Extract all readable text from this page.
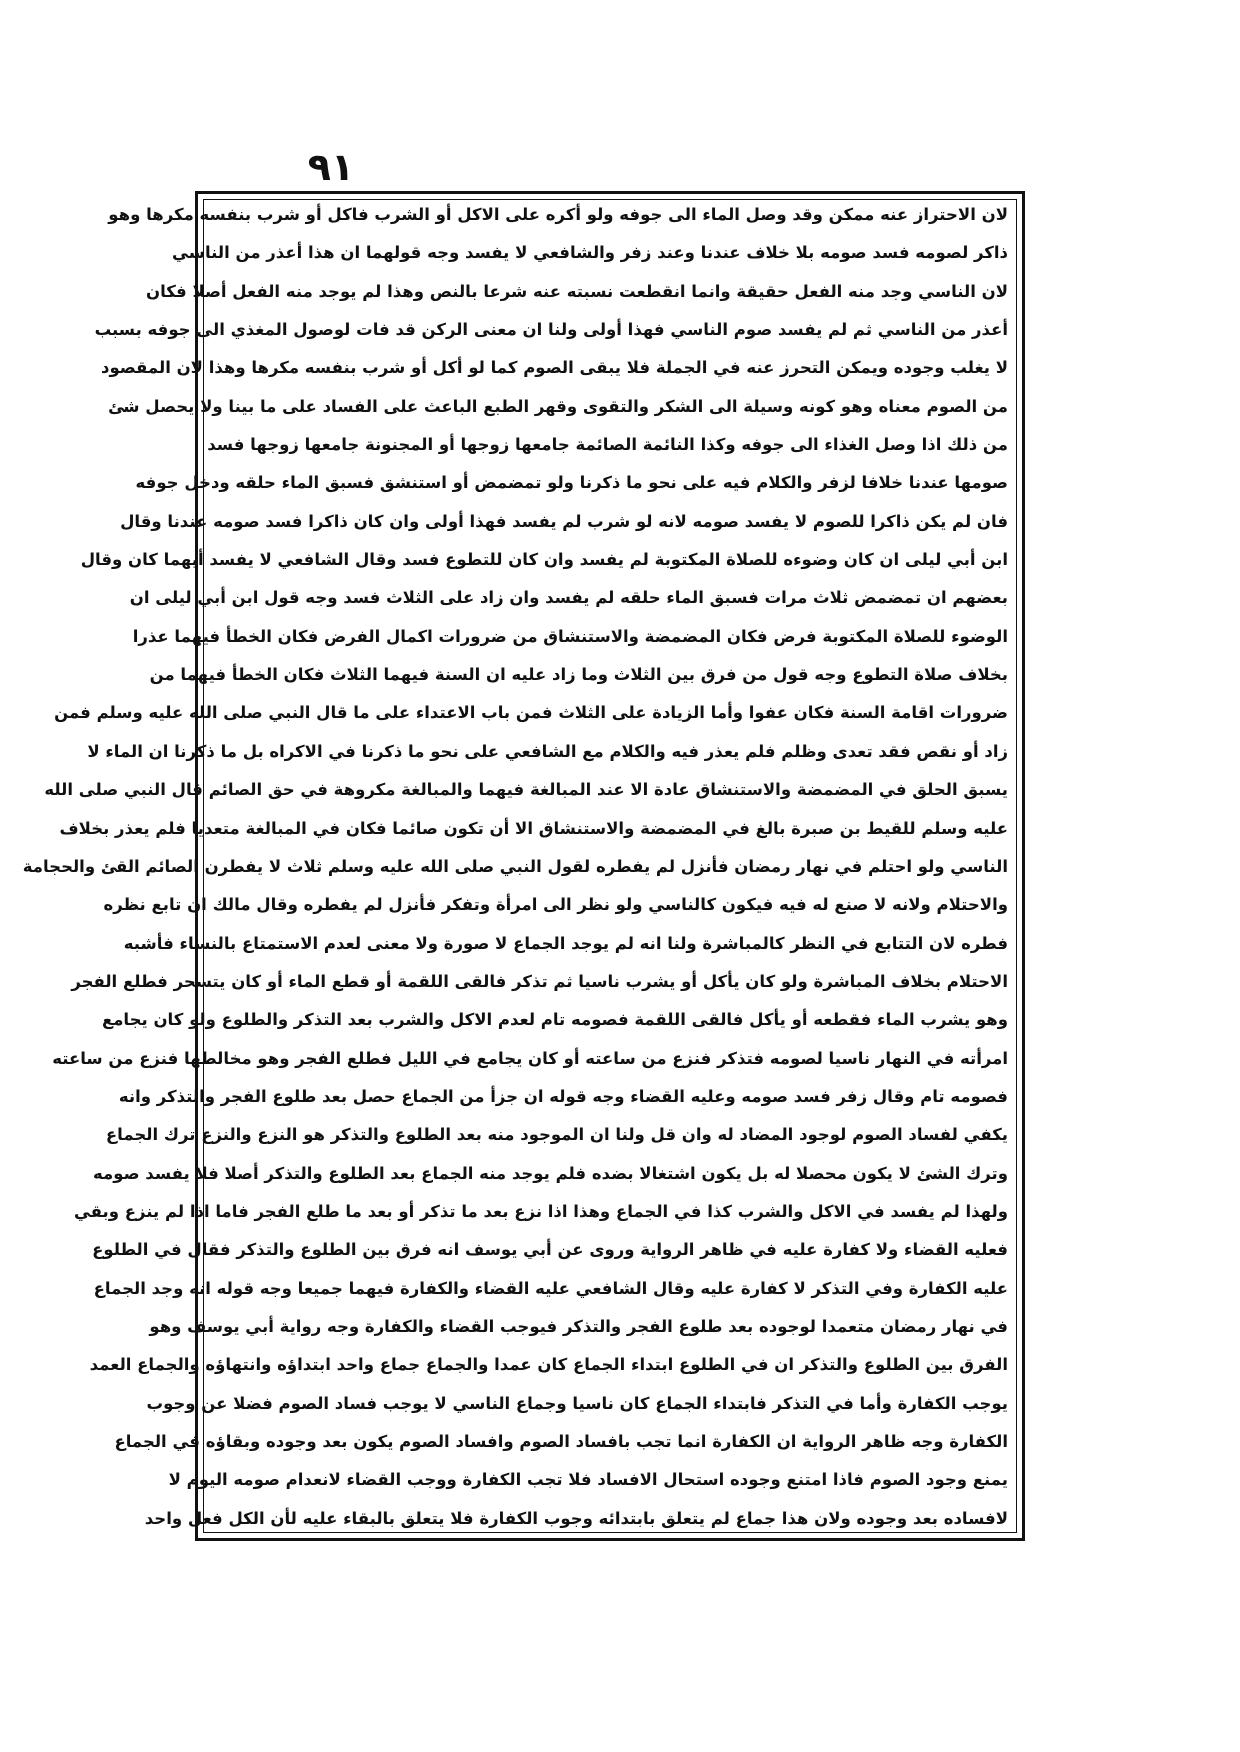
٩١
لان الاحتراز عنه ممكن وقد وصل الماء الى جوفه ولو أكره على الاكل أو الشرب فاكل أو شرب بنفسه مكرها وهو
ذاكر لصومه فسد صومه بلا خلاف عندنا وعند زفر والشافعي لا يفسد وجه قولهما ان هذا أعذر من الناسي
لان الناسي وجد منه الفعل حقيقة وانما انقطعت نسبته عنه شرعا بالنص وهذا لم يوجد منه الفعل أصلا فكان
أعذر من الناسي ثم لم يفسد صوم الناسي فهذا أولى ولنا ان معنى الركن قد فات لوصول المغذي الى جوفه بسبب
لا يغلب وجوده ويمكن التحرز عنه في الجملة فلا يبقى الصوم كما لو أكل أو شرب بنفسه مكرها وهذا لان المقصود
من الصوم معناه وهو كونه وسيلة الى الشكر والتقوى وقهر الطبع الباعث على الفساد على ما بينا ولا يحصل شئ
من ذلك اذا وصل الغذاء الى جوفه وكذا النائمة الصائمة جامعها زوجها أو المجنونة جامعها زوجها فسد
صومها عندنا خلافا لزفر والكلام فيه على نحو ما ذكرنا ولو تمضمض أو استنشق فسبق الماء حلقه ودخل جوفه
فان لم يكن ذاكرا للصوم لا يفسد صومه لانه لو شرب لم يفسد فهذا أولى وان كان ذاكرا فسد صومه عندنا وقال
ابن أبي ليلى ان كان وضوءه للصلاة المكتوبة لم يفسد وان كان للتطوع فسد وقال الشافعي لا يفسد أيهما كان وقال
بعضهم ان تمضمض ثلاث مرات فسبق الماء حلقه لم يفسد وان زاد على الثلاث فسد وجه قول ابن أبي ليلى ان
الوضوء للصلاة المكتوبة فرض فكان المضمضة والاستنشاق من ضرورات اكمال الفرض فكان الخطأ فيهما عذرا
بخلاف صلاة التطوع وجه قول من فرق بين الثلاث وما زاد عليه ان السنة فيهما الثلاث فكان الخطأ فيهما من
ضرورات اقامة السنة فكان عفوا وأما الزيادة على الثلاث فمن باب الاعتداء على ما قال النبي صلى الله عليه وسلم فمن
زاد أو نقص فقد تعدى وظلم فلم يعذر فيه والكلام مع الشافعي على نحو ما ذكرنا في الاكراه بل ما ذكرنا ان الماء لا
يسبق الحلق في المضمضة والاستنشاق عادة الا عند المبالغة فيهما والمبالغة مكروهة في حق الصائم قال النبي صلى الله
عليه وسلم للقيط بن صبرة بالغ في المضمضة والاستنشاق الا أن تكون صائما فكان في المبالغة متعديا فلم يعذر بخلاف
الناسي ولو احتلم في نهار رمضان فأنزل لم يفطره لقول النبي صلى الله عليه وسلم ثلاث لا يفطرن الصائم القئ والحجامة
والاحتلام ولانه لا صنع له فيه فيكون كالناسي ولو نظر الى امرأة وتفكر فأنزل لم يفطره وقال مالك ان تابع نظره
فطره لان التتابع في النظر كالمباشرة ولنا انه لم يوجد الجماع لا صورة ولا معنى لعدم الاستمتاع بالنساء فأشبه
الاحتلام بخلاف المباشرة ولو كان يأكل أو يشرب ناسيا ثم تذكر فالقى اللقمة أو قطع الماء أو كان يتسحر فطلع الفجر
وهو يشرب الماء فقطعه أو يأكل فالقى اللقمة فصومه تام لعدم الاكل والشرب بعد التذكر والطلوع ولو كان يجامع
امرأته في النهار ناسيا لصومه فتذكر فنزع من ساعته أو كان يجامع في الليل فطلع الفجر وهو مخالطها فنزع من ساعته
فصومه تام وقال زفر فسد صومه وعليه القضاء وجه قوله ان جزأ من الجماع حصل بعد طلوع الفجر والتذكر وانه
يكفي لفساد الصوم لوجود المضاد له وان قل ولنا ان الموجود منه بعد الطلوع والتذكر هو النزع والنزع ترك الجماع
وترك الشئ لا يكون محصلا له بل يكون اشتغالا بضده فلم يوجد منه الجماع بعد الطلوع والتذكر أصلا فلا يفسد صومه
ولهذا لم يفسد في الاكل والشرب كذا في الجماع وهذا اذا نزع بعد ما تذكر أو بعد ما طلع الفجر فاما اذا لم ينزع وبقي
فعليه القضاء ولا كفارة عليه في ظاهر الرواية وروى عن أبي يوسف انه فرق بين الطلوع والتذكر فقال في الطلوع
عليه الكفارة وفي التذكر لا كفارة عليه وقال الشافعي عليه القضاء والكفارة فيهما جميعا وجه قوله انه وجد الجماع
في نهار رمضان متعمدا لوجوده بعد طلوع الفجر والتذكر فيوجب القضاء والكفارة وجه رواية أبي يوسف وهو
الفرق بين الطلوع والتذكر ان في الطلوع ابتداء الجماع كان عمدا والجماع جماع واحد ابتداؤه وانتهاؤه والجماع العمد
يوجب الكفارة وأما في التذكر فابتداء الجماع كان ناسيا وجماع الناسي لا يوجب فساد الصوم فضلا عن وجوب
الكفارة وجه ظاهر الرواية ان الكفارة انما تجب بافساد الصوم وافساد الصوم يكون بعد وجوده وبقاؤه في الجماع
يمنع وجود الصوم فاذا امتنع وجوده استحال الافساد فلا تجب الكفارة ووجب القضاء لانعدام صومه اليوم لا
لافساده بعد وجوده ولان هذا جماع لم يتعلق بابتدائه وجوب الكفارة فلا يتعلق بالبقاء عليه لأن الكل فعل واحد
